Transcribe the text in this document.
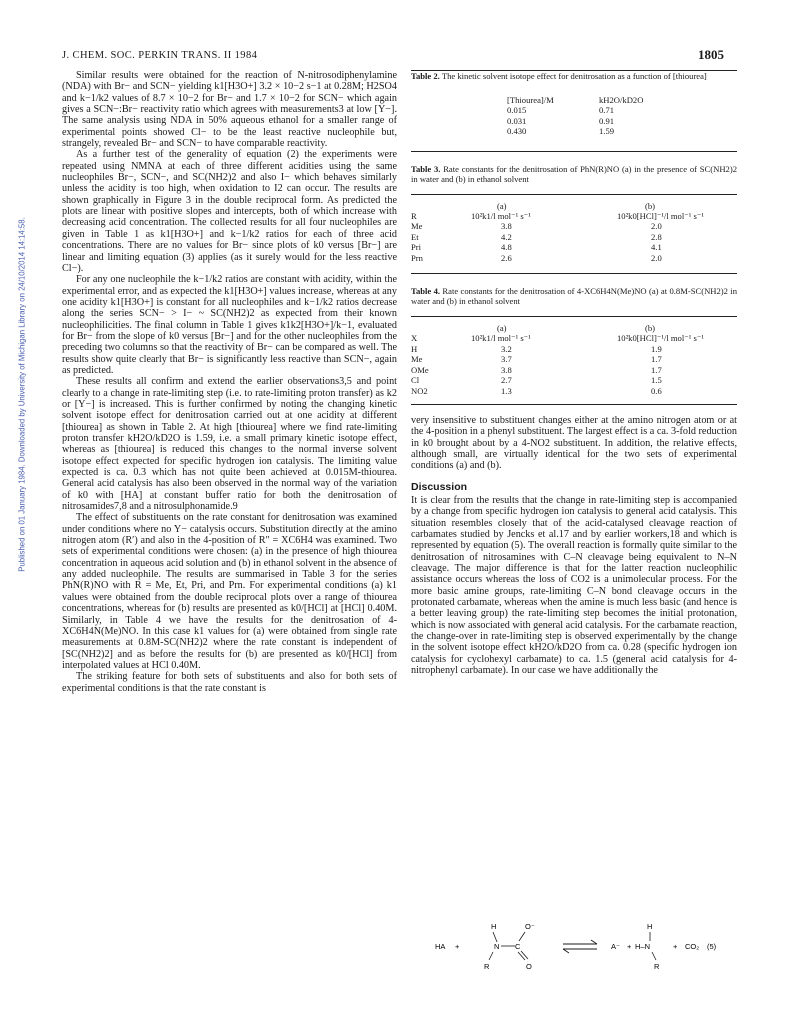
J. CHEM. SOC. PERKIN TRANS. II 1984	1805
Published on 01 January 1984. Downloaded by University of Michigan Library on 24/10/2014 14:14:58.

Similar results were obtained for the reaction of N-nitrosodiphenylamine (NDA) with Br− and SCN− yielding k1[H3O+] 3.2 × 10−2 s−1 at 0.28M; H2SO4 and k−1/k2 values of 8.7 × 10−2 for Br− and 1.7 × 10−2 for SCN− which again gives a SCN−:Br− reactivity ratio which agrees with measurements3 at low [Y−]. The same analysis using NDA in 50% aqueous ethanol for a smaller range of experimental points showed Cl− to be the least reactive nucleophile but, strangely, revealed Br− and SCN− to have comparable reactivity.

As a further test of the generality of equation (2) the experiments were repeated using NMNA at each of three different acidities using the same nucleophiles Br−, SCN−, and SC(NH2)2 and also I− which behaves similarly unless the acidity is too high, when oxidation to I2 can occur. The results are shown graphically in Figure 3 in the double reciprocal form. As predicted the plots are linear with positive slopes and intercepts, both of which increase with decreasing acid concentration. The collected results for all four nucleophiles are given in Table 1 as k1[H3O+] and k−1/k2 ratios for each of three acid concentrations. There are no values for Br− since plots of k0 versus [Br−] are linear and limiting equation (3) applies (as it surely would for the less reactive Cl−).

For any one nucleophile the k−1/k2 ratios are constant with acidity, within the experimental error, and as expected the k1[H3O+] values increase, whereas at any one acidity k1[H3O+] is constant for all nucleophiles and k−1/k2 ratios decrease along the series SCN− > I− ~ SC(NH2)2 as expected from their known nucleophilicities. The final column in Table 1 gives k1k2[H3O+]/k−1, evaluated for Br− from the slope of k0 versus [Br−] and for the other nucleophiles from the preceding two columns so that the reactivity of Br− can be compared as well. The results show quite clearly that Br− is significantly less reactive than SCN−, again as predicted.

These results all confirm and extend the earlier observations3,5 and point clearly to a change in rate-limiting step (i.e. to rate-limiting proton transfer) as k2 or [Y−] is increased. This is further confirmed by noting the changing kinetic solvent isotope effect for denitrosation carried out at one acidity at different [thiourea] as shown in Table 2. At high [thiourea] where we find rate-limiting proton transfer kH2O/kD2O is 1.59, i.e. a small primary kinetic isotope effect, whereas as [thiourea] is reduced this changes to the normal inverse solvent isotope effect expected for specific hydrogen ion catalysis. The limiting value expected is ca. 0.3 which has not quite been achieved at 0.015M-thiourea. General acid catalysis has also been observed in the normal way of the variation of k0 with [HA] at constant buffer ratio for both the denitrosation of nitrosamides7,8 and a nitrosulphonamide.9

The effect of substituents on the rate constant for denitrosation was examined under conditions where no Y− catalysis occurs. Substitution directly at the amino nitrogen atom (R′) and also in the 4-position of R″ = XC6H4 was examined. Two sets of experimental conditions were chosen: (a) in the presence of high thiourea concentration in aqueous acid solution and (b) in ethanol solvent in the absence of any added nucleophile. The results are summarised in Table 3 for the series PhN(R)NO with R = Me, Et, Pri, and Prn. For experimental conditions (a) k1 values were obtained from the double reciprocal plots over a range of thiourea concentrations, whereas for (b) results are presented as k0/[HCl] at [HCl] 0.40M. Similarly, in Table 4 we have the results for the denitrosation of 4-XC6H4N(Me)NO. In this case k1 values for (a) were obtained from single rate measurements at 0.8M-SC(NH2)2 where the rate constant is independent of [SC(NH2)2] and as before the results for (b) are presented as k0/[HCl] from interpolated values at HCl 0.40M.

The striking feature for both sets of substituents and also for both sets of experimental conditions is that the rate constant is

Table 2. The kinetic solvent isotope effect for denitrosation as a function of [thiourea]

[Thiourea]/M	kH2O/kD2O
0.015	0.71
0.031	0.91
0.430	1.59

Table 3. Rate constants for the denitrosation of PhN(R)NO (a) in the presence of SC(NH2)2 in water and (b) in ethanol solvent

	(a)	(b)
R	10²k1/l mol⁻¹ s⁻¹	10²k0[HCl]⁻¹/l mol⁻¹ s⁻¹
Me	3.8	2.0
Et	4.2	2.8
Pri	4.8	4.1
Prn	2.6	2.0

Table 4. Rate constants for the denitrosation of 4-XC6H4N(Me)NO (a) at 0.8M-SC(NH2)2 in water and (b) in ethanol solvent

	(a)	(b)
X	10²k1/l mol⁻¹ s⁻¹	10²k0[HCl]⁻¹/l mol⁻¹ s⁻¹
H	3.2	1.9
Me	3.7	1.7
OMe	3.8	1.7
Cl	2.7	1.5
NO2	1.3	0.6

very insensitive to substituent changes either at the amino nitrogen atom or at the 4-position in a phenyl substituent. The largest effect is a ca. 3-fold reduction in k0 brought about by a 4-NO2 substituent. In addition, the relative effects, although small, are virtually identical for the two sets of experimental conditions (a) and (b).

Discussion

It is clear from the results that the change in rate-limiting step is accompanied by a change from specific hydrogen ion catalysis to general acid catalysis. This situation resembles closely that of the acid-catalysed cleavage reaction of carbamates studied by Jencks et al.17 and by earlier workers,18 and which is represented by equation (5). The overall reaction is formally quite similar to the denitrosation of nitrosamines with C–N cleavage being equivalent to N–N cleavage. The major difference is that for the latter reaction nucleophilic assistance occurs whereas the loss of CO2 is a unimolecular process. For the more basic amine groups, rate-limiting C–N bond cleavage occurs in the protonated carbamate, whereas when the amine is much less basic (and hence is a better leaving group) the rate-limiting step becomes the initial protonation, which is now associated with general acid catalysis. For the carbamate reaction, the change-over in rate-limiting step is observed experimentally by the change in the solvent isotope effect kH2O/kD2O from ca. 0.28 (specific hydrogen ion catalysis for cyclohexyl carbamate) to ca. 1.5 (general acid catalysis for 4-nitrophenyl carbamate). In our case we have additionally the

HA +
H
N C
R
O⁻
O
A⁻ +
H
H–N
R
+ CO₂ (5)
